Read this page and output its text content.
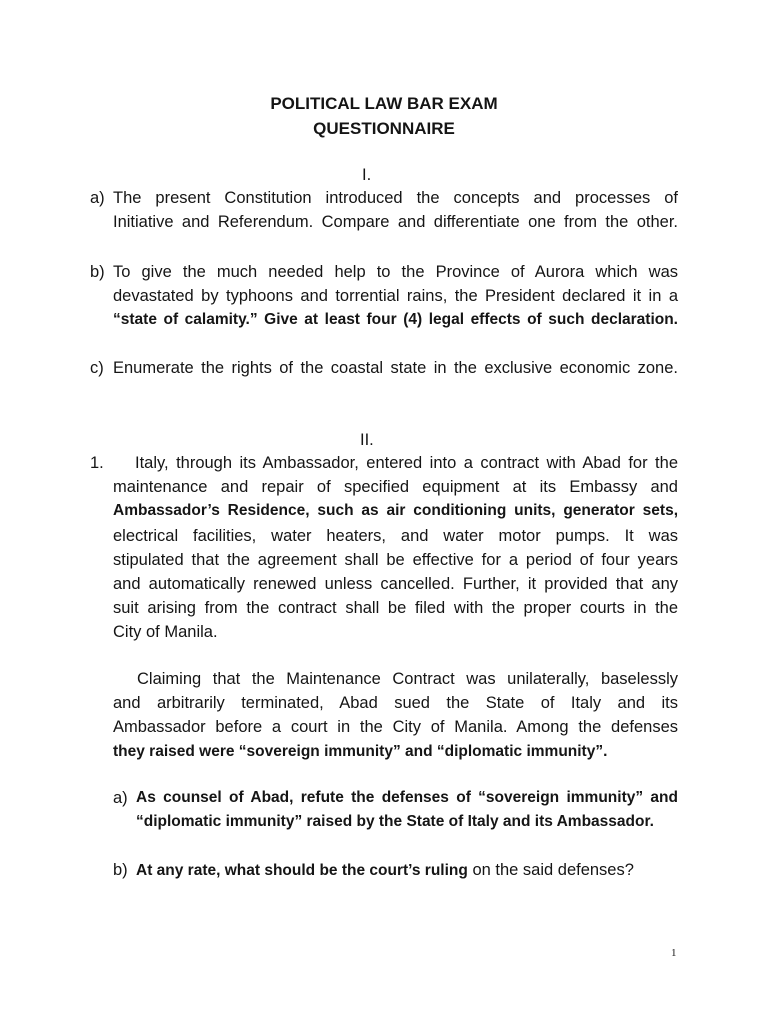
POLITICAL LAW BAR EXAM
QUESTIONNAIRE
I.
a) The present Constitution introduced the concepts and processes of
Initiative and Referendum. Compare and differentiate one from the other.
b) To give the much needed help to the Province of Aurora which was
devastated by typhoons and torrential rains, the President declared it in a
“state of calamity.” Give at least four (4) legal effects of such declaration.
c) Enumerate the rights of the coastal state in the exclusive economic zone.
II.
1.	Italy, through its Ambassador, entered into a contract with Abad for the
maintenance and repair of specified equipment at its Embassy and
Ambassador’s Residence, such as air conditioning units, generator sets,
electrical facilities, water heaters, and water motor pumps. It was
stipulated that the agreement shall be effective for a period of four years
and automatically renewed unless cancelled. Further, it provided that any
suit arising from the contract shall be filed with the proper courts in the
City of Manila.
Claiming that the Maintenance Contract was unilaterally, baselessly
and arbitrarily terminated, Abad sued the State of Italy and its
Ambassador before a court in the City of Manila. Among the defenses
they raised were “sovereign immunity” and “diplomatic immunity”.
a) As counsel of Abad, refute the defenses of “sovereign immunity” and
“diplomatic immunity” raised by the State of Italy and its Ambassador.
b) At any rate, what should be the court’s ruling on the said defenses?
1
